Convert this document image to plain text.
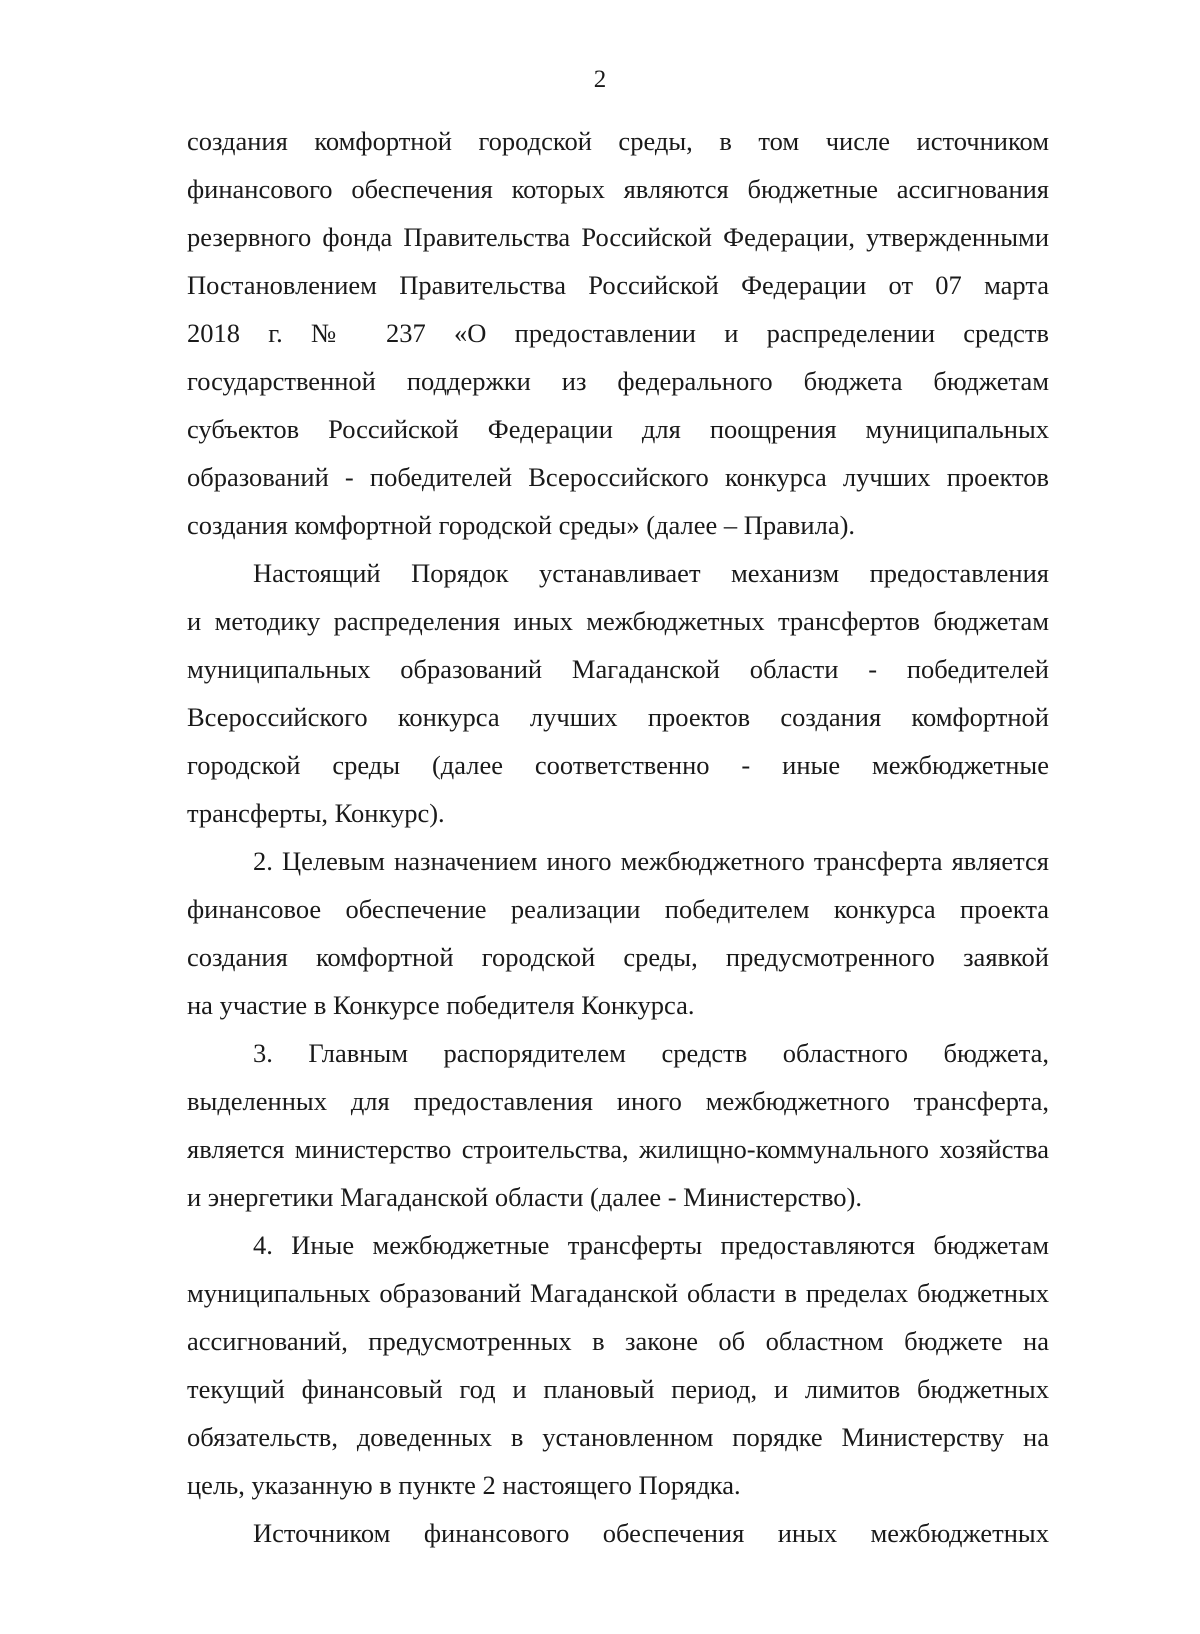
2

создания комфортной городской среды, в том числе источником

финансового обеспечения которых являются бюджетные ассигнования

резервного фонда Правительства Российской Федерации, утвержденными

Постановлением Правительства Российской Федерации от 07 марта

2018 г. № 237 «О предоставлении и распределении средств

государственной поддержки из федерального бюджета бюджетам

субъектов Российской Федерации для поощрения муниципальных

образований - победителей Всероссийского конкурса лучших проектов

создания комфортной городской среды» (далее – Правила).

Настоящий Порядок устанавливает механизм предоставления

и методику распределения иных межбюджетных трансфертов бюджетам

муниципальных образований Магаданской области - победителей

Всероссийского конкурса лучших проектов создания комфортной

городской среды (далее соответственно - иные межбюджетные

трансферты, Конкурс).

2. Целевым назначением иного межбюджетного трансферта является

финансовое обеспечение реализации победителем конкурса проекта

создания комфортной городской среды, предусмотренного заявкой

на участие в Конкурсе победителя Конкурса.

3. Главным распорядителем средств областного бюджета,

выделенных для предоставления иного межбюджетного трансферта,

является министерство строительства, жилищно-коммунального хозяйства

и энергетики Магаданской области (далее - Министерство).

4. Иные межбюджетные трансферты предоставляются бюджетам

муниципальных образований Магаданской области в пределах бюджетных

ассигнований, предусмотренных в законе об областном бюджете на

текущий финансовый год и плановый период, и лимитов бюджетных

обязательств, доведенных в установленном порядке Министерству на

цель, указанную в пункте 2 настоящего Порядка.

Источником финансового обеспечения иных межбюджетных
